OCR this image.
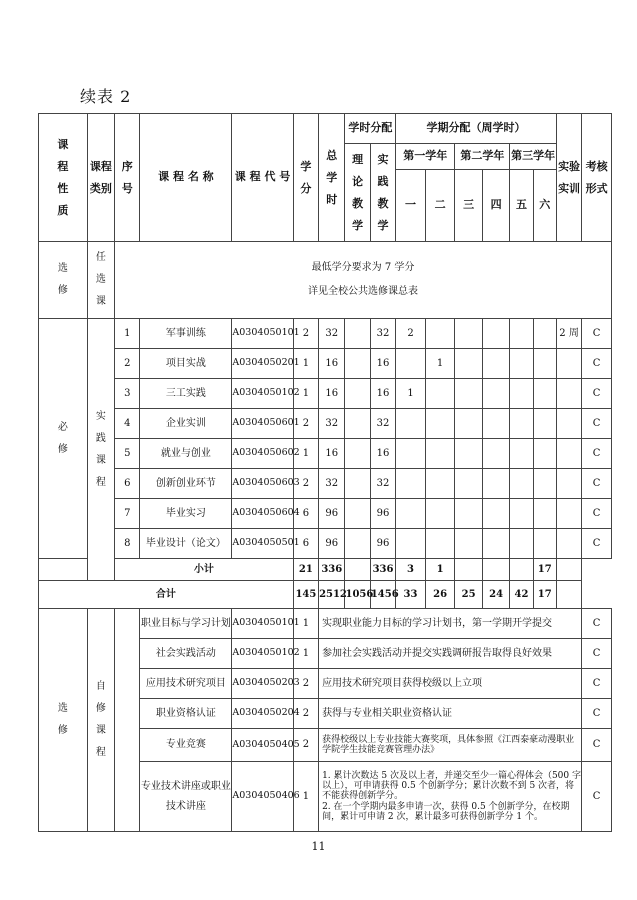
续表 2
课程性质	课程类别	序号	课 程 名 称	课 程 代 号	学分	总学时	学时分配		学期分配（周学时）						实验实训	考核形式
							理论教学	实践教学	第一学年		第二学年		第三学年			
									一	二	三	四	五	六		
选修	任选课	最低学分要求为 7 学分
详见全校公共选修课总表														

必修	实践课程	1	军事训练	A0304050101	2	32		32	2						2 周	C
		2	项目实战	A0304050201	1	16		16		1						C
		3	三工实践	A0304050102	1	16		16	1							C
		4	企业实训	A0304050601	2	32		32								C
		5	就业与创业	A0304050602	1	16		16								C
		6	创新创业环节	A0304050603	2	32		32								C
		7	毕业实习	A0304050604	6	96		96								C
		8	毕业设计（论文）	A0304050501	6	96		96								C
		小计			21	336		336	3	1				17		
合计					145	2512	1056	1456	33	26	25	24	42	17		
选修	自修课程		职业目标与学习计划	A0304050101	1	实现职业能力目标的学习计划书，第一学期开学提交										C
			社会实践活动	A0304050102	1	参加社会实践活动并提交实践调研报告取得良好效果										C
			应用技术研究项目	A0304050203	2	应用技术研究项目获得校级以上立项										C
			职业资格认证	A0304050204	2	获得与专业相关职业资格认证										C
			专业竞赛	A0304050405	2	获得校级以上专业技能大赛奖项，具体参照《江西泰豪动漫职业学院学生技能竞赛管理办法》										C
			专业技术讲座或职业技术讲座	A0304050406	1	1. 累计次数达 5 次及以上者，并递交至少一篇心得体会（500 字以上），可申请获得 0.5 个创新学分；累计次数不到 5 次者，将不能获得创新学分。
2. 在一个学期内最多申请一次，获得 0.5 个创新学分，在校期间，累计可申请 2 次，累计最多可获得创新学分 1 个。										C
11
